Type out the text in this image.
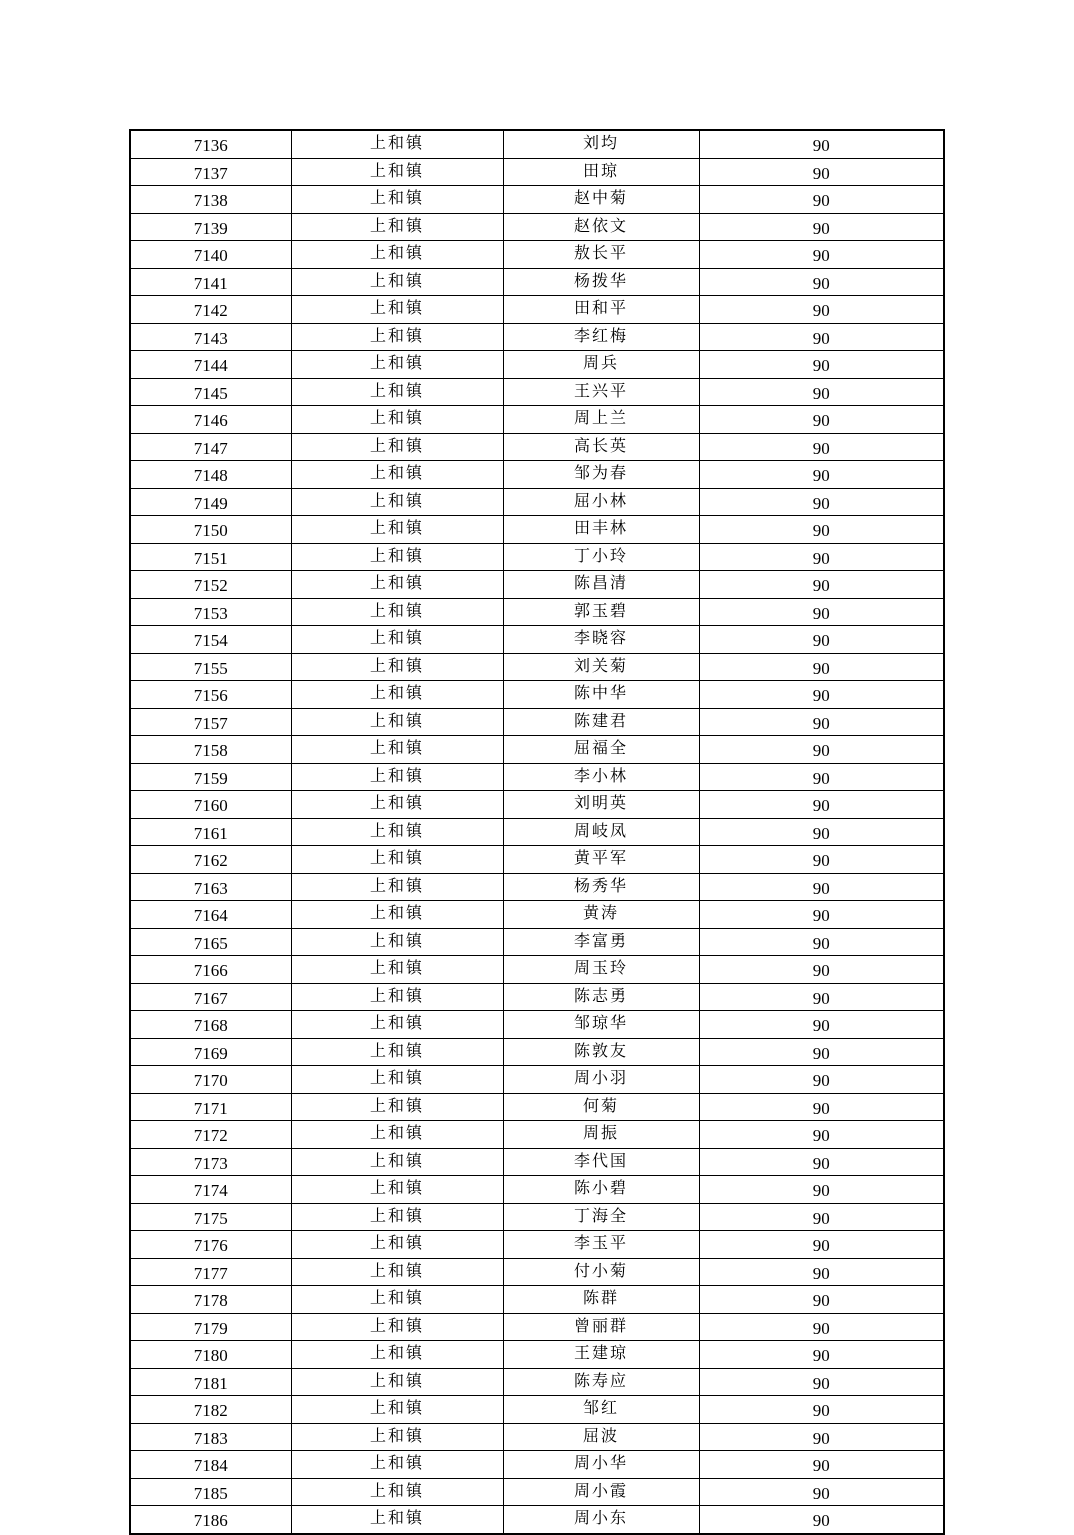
7136	上和镇	刘均	90
7137	上和镇	田琼	90
7138	上和镇	赵中菊	90
7139	上和镇	赵依文	90
7140	上和镇	敖长平	90
7141	上和镇	杨拨华	90
7142	上和镇	田和平	90
7143	上和镇	李红梅	90
7144	上和镇	周兵	90
7145	上和镇	王兴平	90
7146	上和镇	周上兰	90
7147	上和镇	高长英	90
7148	上和镇	邹为春	90
7149	上和镇	屈小林	90
7150	上和镇	田丰林	90
7151	上和镇	丁小玲	90
7152	上和镇	陈昌清	90
7153	上和镇	郭玉碧	90
7154	上和镇	李晓容	90
7155	上和镇	刘关菊	90
7156	上和镇	陈中华	90
7157	上和镇	陈建君	90
7158	上和镇	屈福全	90
7159	上和镇	李小林	90
7160	上和镇	刘明英	90
7161	上和镇	周岐凤	90
7162	上和镇	黄平军	90
7163	上和镇	杨秀华	90
7164	上和镇	黄涛	90
7165	上和镇	李富勇	90
7166	上和镇	周玉玲	90
7167	上和镇	陈志勇	90
7168	上和镇	邹琼华	90
7169	上和镇	陈敦友	90
7170	上和镇	周小羽	90
7171	上和镇	何菊	90
7172	上和镇	周振	90
7173	上和镇	李代国	90
7174	上和镇	陈小碧	90
7175	上和镇	丁海全	90
7176	上和镇	李玉平	90
7177	上和镇	付小菊	90
7178	上和镇	陈群	90
7179	上和镇	曾丽群	90
7180	上和镇	王建琼	90
7181	上和镇	陈寿应	90
7182	上和镇	邹红	90
7183	上和镇	屈波	90
7184	上和镇	周小华	90
7185	上和镇	周小霞	90
7186	上和镇	周小东	90
